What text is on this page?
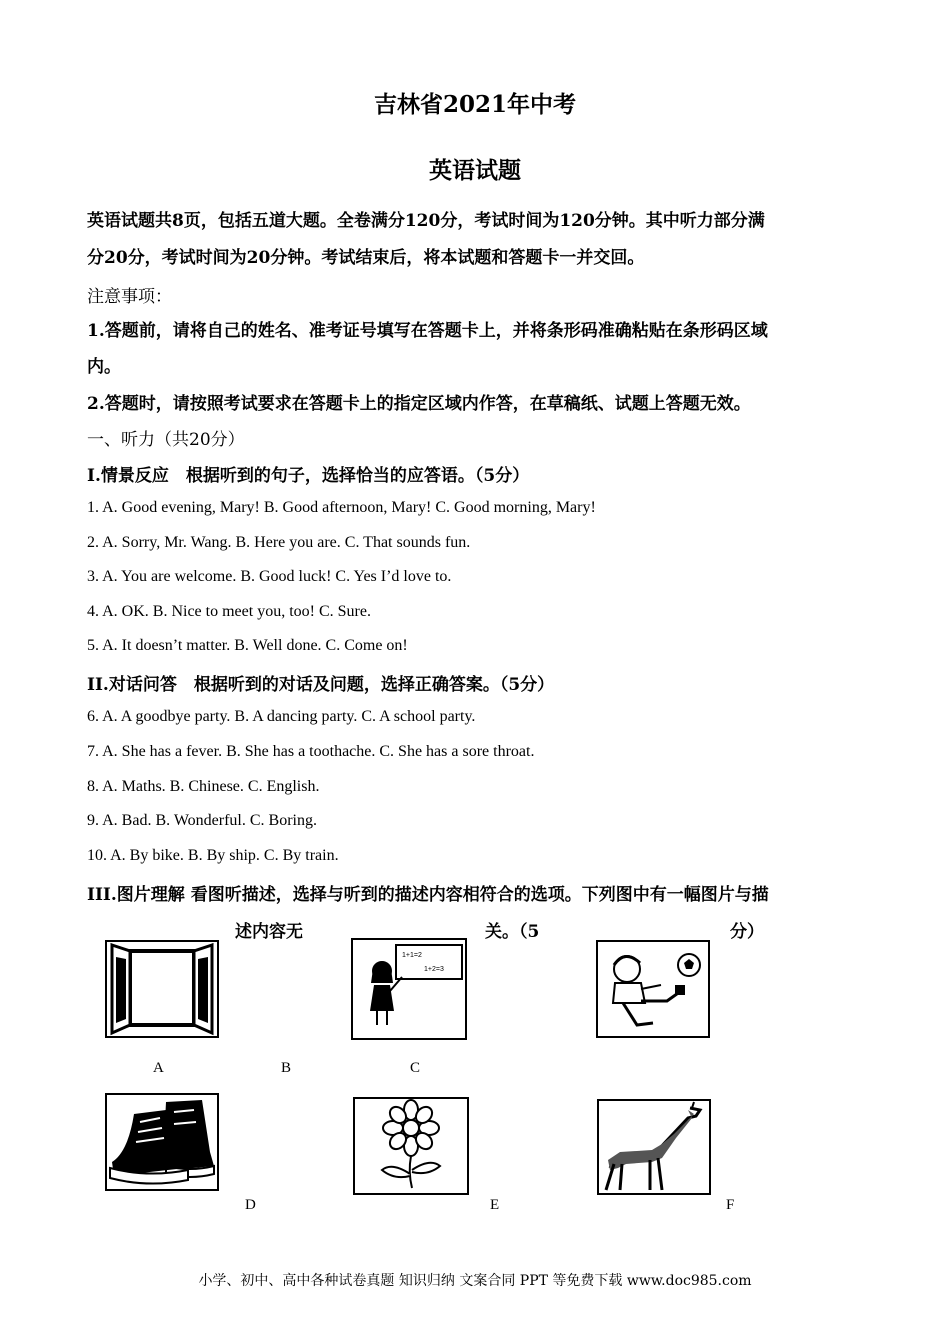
吉林省2021年中考
英语试题
英语试题共8页，包括五道大题。全卷满分120分，考试时间为120分钟。其中听力部分满
分20分，考试时间为20分钟。考试结束后，将本试题和答题卡一并交回。
注意事项：
1.答题前，请将自己的姓名、准考证号填写在答题卡上，并将条形码准确粘贴在条形码区域
内。
2.答题时，请按照考试要求在答题卡上的指定区域内作答，在草稿纸、试题上答题无效。
一、听力（共20分）
I.情景反应　根据听到的句子，选择恰当的应答语。（5分）
1. A. Good evening, Mary! B. Good afternoon, Mary! C. Good morning, Mary!
2. A. Sorry, Mr. Wang. B. Here you are. C. That sounds fun.
3. A. You are welcome. B. Good luck! C. Yes I’d love to.
4. A. OK. B. Nice to meet you, too! C. Sure.
5. A. It doesn’t matter. B. Well done. C. Come on!
II.对话问答　根据听到的对话及问题，选择正确答案。（5分）
6. A. A goodbye party. B. A dancing party. C. A school party.
7. A. She has a fever. B. She has a toothache. C. She has a sore throat.
8. A. Maths. B. Chinese. C. English.
9. A. Bad. B. Wonderful. C. Boring.
10. A. By bike. B. By ship. C. By train.
III.图片理解 看图听描述，选择与听到的描述内容相符合的选项。下列图中有一幅图片与描
述内容无	关。（5	分）
1+1=2
1+2=3
A	B	C
D	E	F
小学、初中、高中各种试卷真题 知识归纳 文案合同 PPT 等免费下载 www.doc985.com
